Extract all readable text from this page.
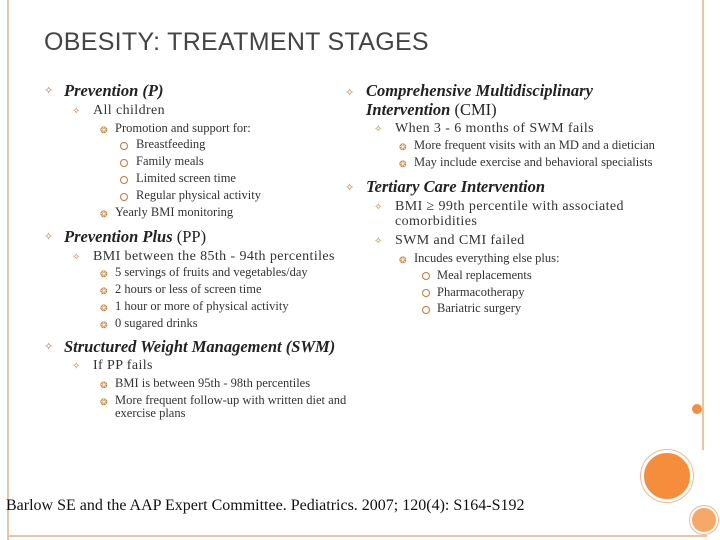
OBESITY: TREATMENT STAGES
✧ Prevention (P)
✧ All children
❂ Promotion and support for:
Breastfeeding
Family meals
Limited screen time
Regular physical activity
❂ Yearly BMI monitoring
✧ Prevention Plus (PP)
✧ BMI between the 85th - 94th percentiles
❂ 5 servings of fruits and vegetables/day
❂ 2 hours or less of screen time
❂ 1 hour or more of physical activity
❂ 0 sugared drinks
✧ Structured Weight Management (SWM)
✧ If PP fails
❂ BMI is between 95th - 98th percentiles
❂ More frequent follow-up with written diet and
exercise plans
✧ Comprehensive Multidisciplinary
Intervention (CMI)
✧ When 3 - 6 months of SWM fails
❂ More frequent visits with an MD and a dietician
❂ May include exercise and behavioral specialists
✧ Tertiary Care Intervention
✧ BMI ≥ 99th percentile with associated
comorbidities
✧ SWM and CMI failed
❂ Incudes everything else plus:
Meal replacements
Pharmacotherapy
Bariatric surgery
Barlow SE and the AAP Expert Committee. Pediatrics. 2007; 120(4): S164-S192
